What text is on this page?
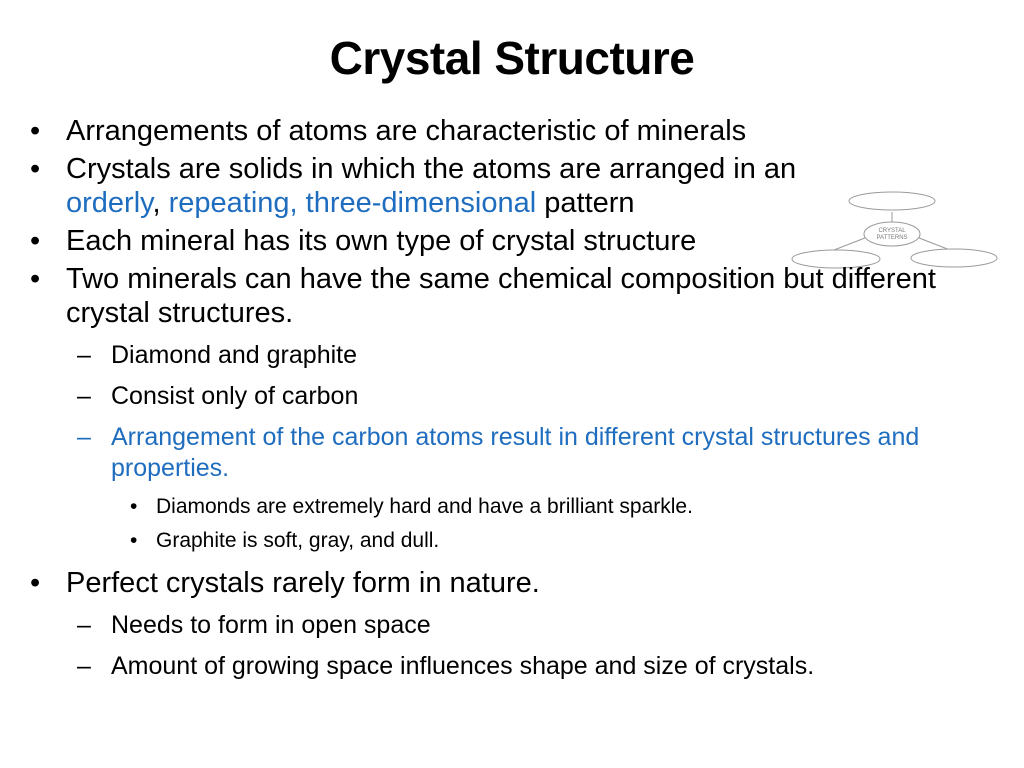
Crystal Structure
CRYSTAL
PATTERNS
• Arrangements of atoms are characteristic of minerals
• Crystals are solids in which the atoms are arranged in an
orderly, repeating, three-dimensional pattern
• Each mineral has its own type of crystal structure
• Two minerals can have the same chemical composition but different crystal structures.
– Diamond and graphite
– Consist only of carbon
– Arrangement of the carbon atoms result in different crystal structures and properties.
• Diamonds are extremely hard and have a brilliant sparkle.
• Graphite is soft, gray, and dull.
• Perfect crystals rarely form in nature.
– Needs to form in open space
– Amount of growing space influences shape and size of crystals.
